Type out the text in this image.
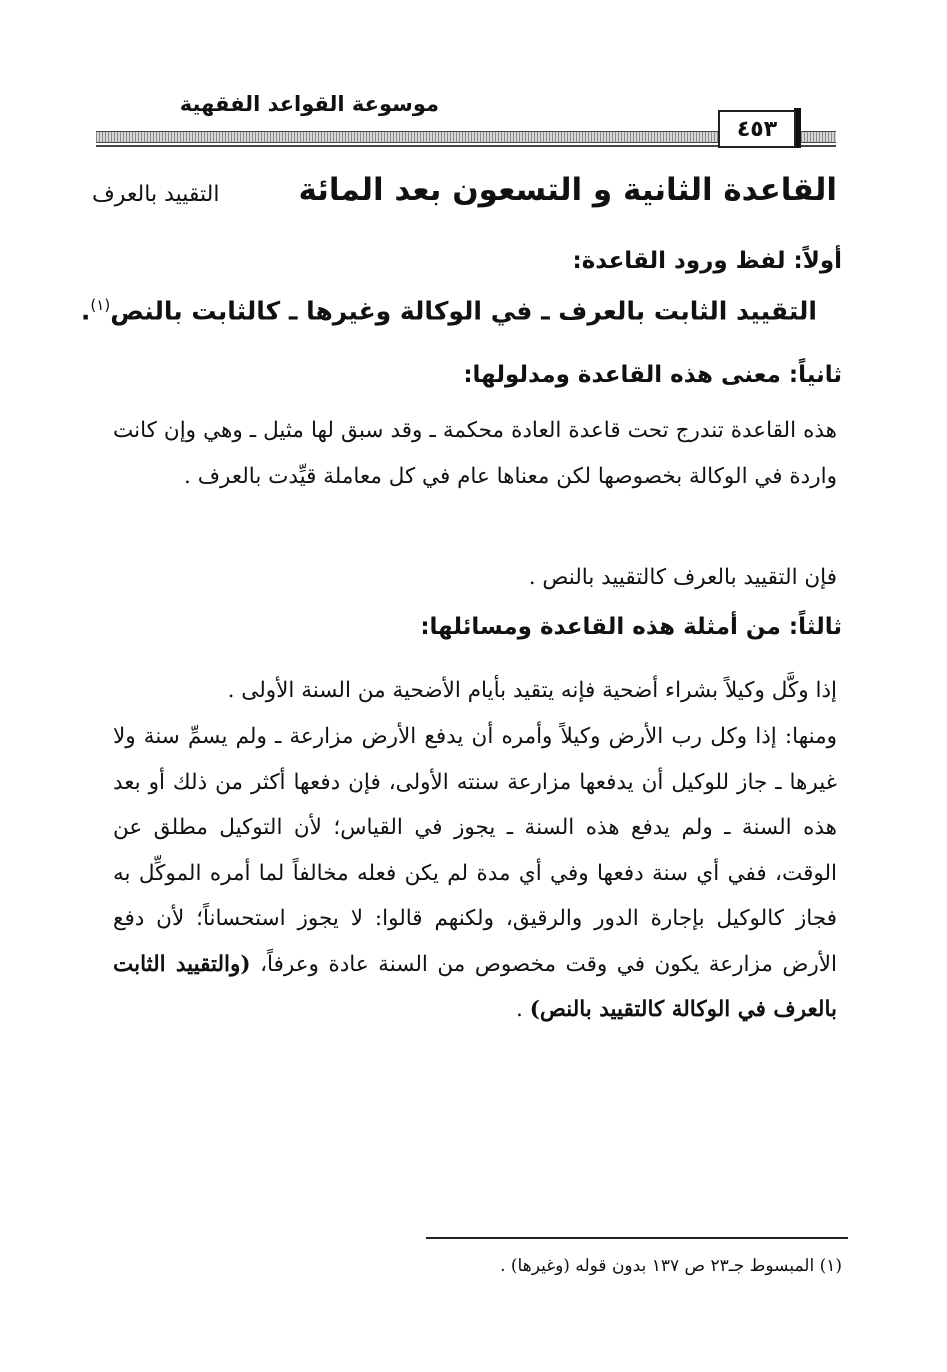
موسوعة القواعد الفقهية
٤٥٣
القاعدة الثانية و التسعون بعد المائة
التقييد بالعرف
أولاً: لفظ ورود القاعدة:
التقييد الثابت بالعرف ـ في الوكالة وغيرها ـ كالثابت بالنص$^{(١)}$.
ثانياً: معنى هذه القاعدة ومدلولها:
هذه القاعدة تندرج تحت قاعدة العادة محكمة ـ وقد سبق لها مثيل ـ وهي وإن كانت واردة في الوكالة بخصوصها لكن معناها عام في كل معاملة قيِّدت بالعرف .
فإن التقييد بالعرف كالتقييد بالنص .
ثالثاً: من أمثلة هذه القاعدة ومسائلها:
إذا وكَّل وكيلاً بشراء أضحية فإنه يتقيد بأيام الأضحية من السنة الأولى .
ومنها: إذا وكل رب الأرض وكيلاً وأمره أن يدفع الأرض مزارعة ـ ولم يسمِّ سنة ولا غيرها ـ جاز للوكيل أن يدفعها مزارعة سنته الأولى، فإن دفعها أكثر من ذلك أو بعد هذه السنة ـ ولم يدفع هذه السنة ـ يجوز في القياس؛ لأن التوكيل مطلق عن الوقت، ففي أي سنة دفعها وفي أي مدة لم يكن فعله مخالفاً لما أمره الموكِّل به فجاز كالوكيل بإجارة الدور والرقيق، ولكنهم قالوا: لا يجوز استحساناً؛ لأن دفع الأرض مزارعة يكون في وقت مخصوص من السنة عادة وعرفاً، (والتقييد الثابت بالعرف في الوكالة كالتقييد بالنص) .
(١) المبسوط جـ٢٣ ص ١٣٧ بدون قوله (وغيرها) .
